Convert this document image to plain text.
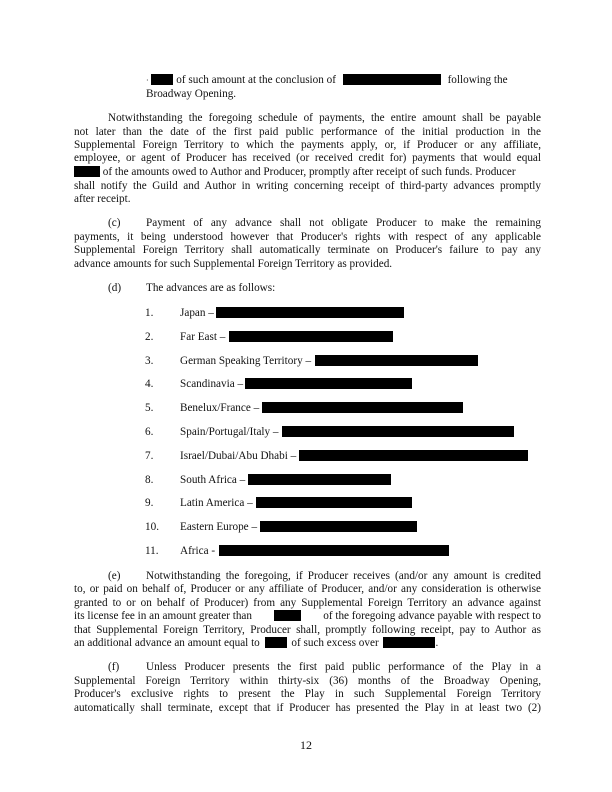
· of such amount at the conclusion of	following the
Broadway Opening.
Notwithstanding the foregoing schedule of payments, the entire amount shall be payable
not later than the date of the first paid public performance of the initial production in the
Supplemental Foreign Territory to which the payments apply, or, if Producer or any affiliate,
employee, or agent of Producer has received (or received credit for) payments that would equal
of the amounts owed to Author and Producer, promptly after receipt of such funds. Producer
shall notify the Guild and Author in writing concerning receipt of third-party advances promptly
after receipt.
(c) Payment of any advance shall not obligate Producer to make the remaining
payments, it being understood however that Producer's rights with respect of any applicable
Supplemental Foreign Territory shall automatically terminate on Producer's failure to pay any
advance amounts for such Supplemental Foreign Territory as provided.
(d) The advances are as follows:
1. Japan –
2. Far East –
3. German Speaking Territory –
4. Scandinavia –
5. Benelux/France –
6. Spain/Portugal/Italy –
7. Israel/Dubai/Abu Dhabi –
8. South Africa –
9. Latin America –
10. Eastern Europe –
11. Africa -
(e) Notwithstanding the foregoing, if Producer receives (and/or any amount is credited
to, or paid on behalf of, Producer or any affiliate of Producer, and/or any consideration is otherwise
granted to or on behalf of Producer) from any Supplemental Foreign Territory an advance against
its license fee in an amount greater than	of the foregoing advance payable with respect to
that Supplemental Foreign Territory, Producer shall, promptly following receipt, pay to Author as
an additional advance an amount equal to	of such excess over	.
(f) Unless Producer presents the first paid public performance of the Play in a
Supplemental Foreign Territory within thirty-six (36) months of the Broadway Opening,
Producer's exclusive rights to present the Play in such Supplemental Foreign Territory
automatically shall terminate, except that if Producer has presented the Play in at least two (2)
12
